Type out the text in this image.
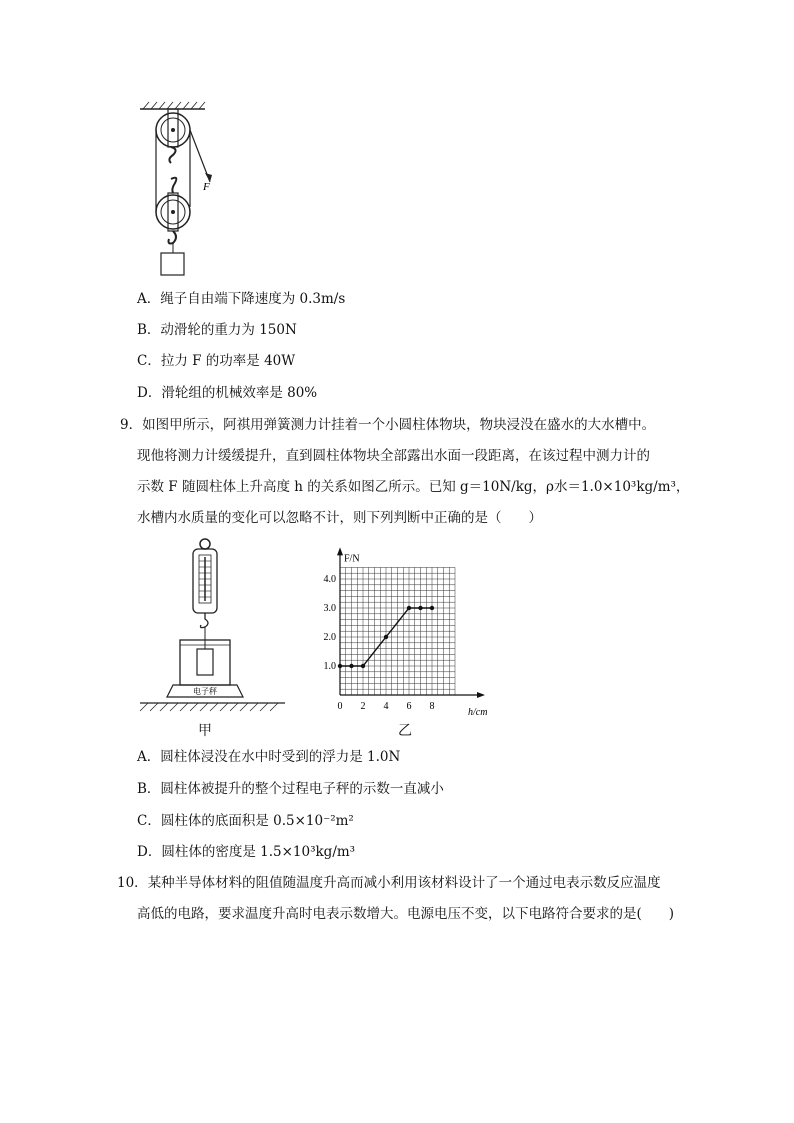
F
A．绳子自由端下降速度为 0.3m/s
B．动滑轮的重力为 150N
C．拉力 F 的功率是 40W
D．滑轮组的机械效率是 80%
9．如图甲所示，阿祺用弹簧测力计挂着一个小圆柱体物块，物块浸没在盛水的大水槽中。
现他将测力计缓缓提升，直到圆柱体物块全部露出水面一段距离，在该过程中测力计的
示数 F 随圆柱体上升高度 h 的关系如图乙所示。已知 g＝10N/kg，ρ水＝1.0×10³kg/m³，
水槽内水质量的变化可以忽略不计，则下列判断中正确的是（　　）
电子秤
甲
F/N
h/cm
0 2 4 6 8
1.0
2.0
3.0
4.0
乙
A．圆柱体浸没在水中时受到的浮力是 1.0N
B．圆柱体被提升的整个过程电子秤的示数一直减小
C．圆柱体的底面积是 0.5×10⁻²m²
D．圆柱体的密度是 1.5×10³kg/m³
10．某种半导体材料的阻值随温度升高而减小利用该材料设计了一个通过电表示数反应温度
高低的电路，要求温度升高时电表示数增大。电源电压不变，以下电路符合要求的是(　　)
